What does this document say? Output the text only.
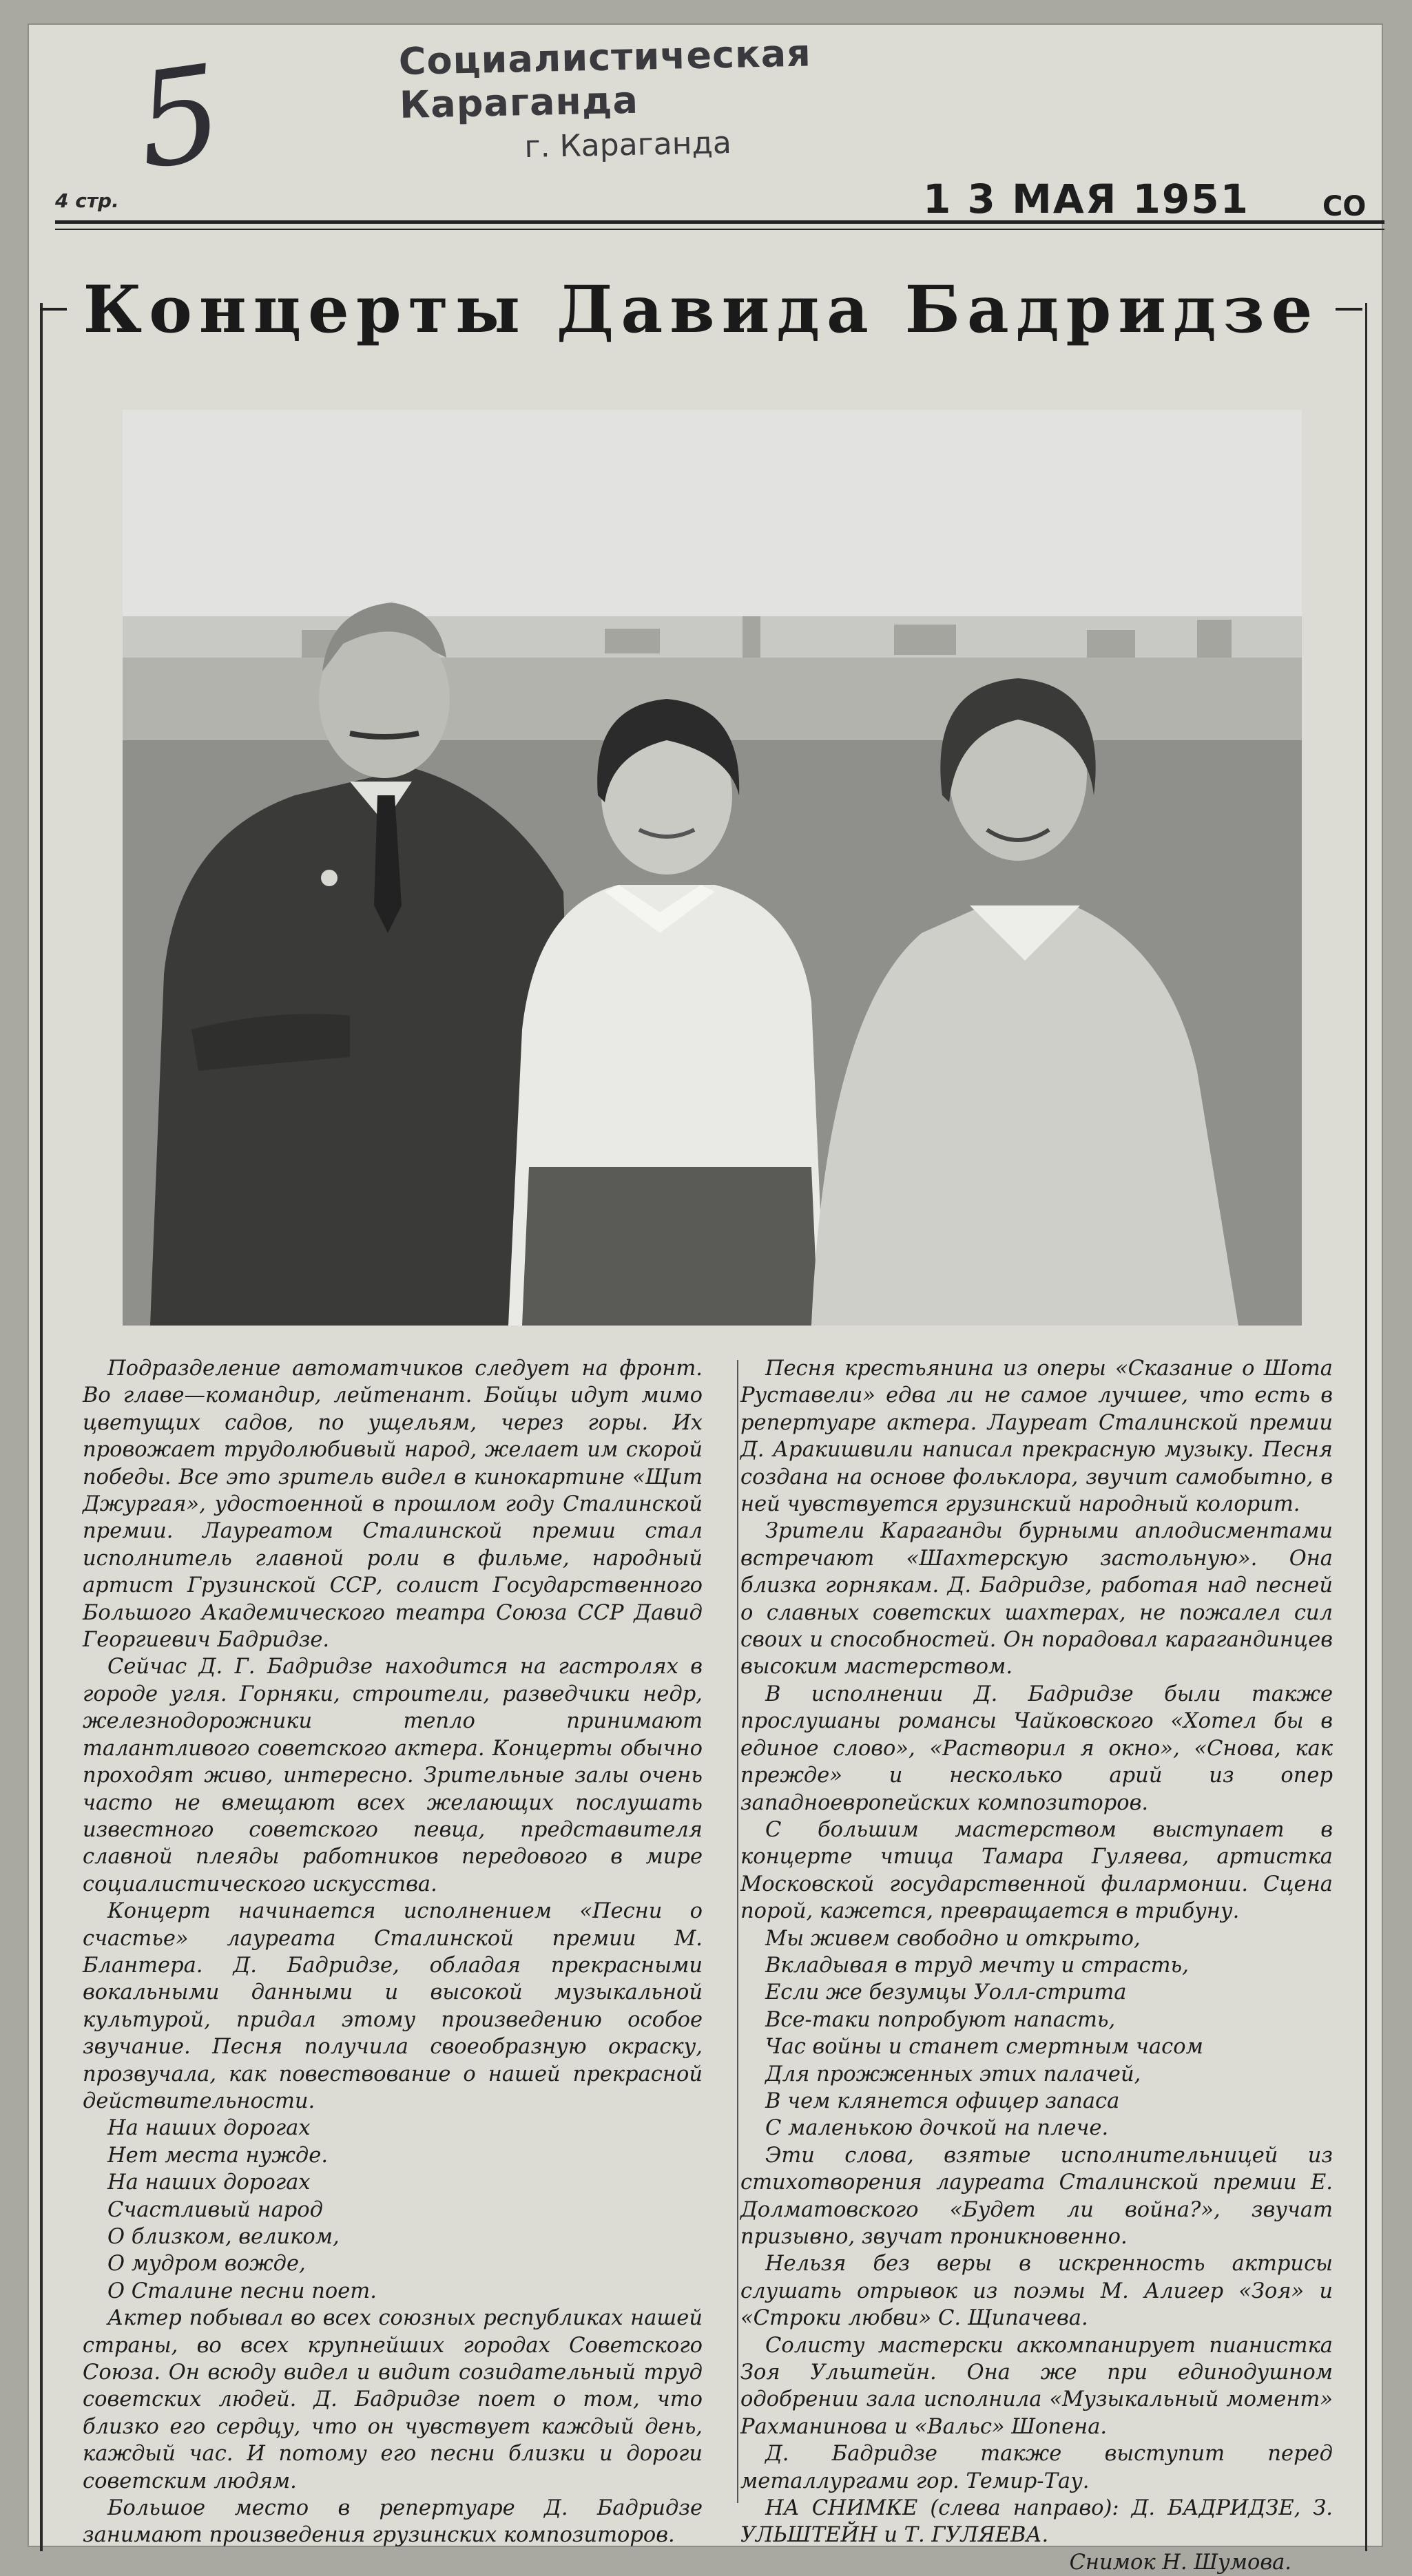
5	Социалистическая Караганда
г. Караганда
4 стр.	1 3 МАЯ 1951	СО
Концерты Давида Бадридзе

Подразделение автоматчиков следует на фронт. Во главе—командир, лейтенант. Бойцы идут мимо цветущих садов, по ущельям, через горы. Их провожает трудолюбивый народ, желает им скорой победы. Все это зритель видел в кинокартине «Щит Джургая», удостоенной в прошлом году Сталинской премии. Лауреатом Сталинской премии стал исполнитель главной роли в фильме, народный артист Грузинской ССР, солист Государственного Большого Академического театра Союза ССР Давид Георгиевич Бадридзе.

Сейчас Д. Г. Бадридзе находится на гастролях в городе угля. Горняки, строители, разведчики недр, железнодорожники тепло принимают талантливого советского актера. Концерты обычно проходят живо, интересно. Зрительные залы очень часто не вмещают всех желающих послушать известного советского певца, представителя славной плеяды работников передового в мире социалистического искусства.

Концерт начинается исполнением «Песни о счастье» лауреата Сталинской премии М. Блантера. Д. Бадридзе, обладая прекрасными вокальными данными и высокой музыкальной культурой, придал этому произведению особое звучание. Песня получила своеобразную окраску, прозвучала, как повествование о нашей прекрасной действительности.

На наших дорогах
Нет места нужде.
На наших дорогах
Счастливый народ
О близком, великом,
О мудром вожде,
О Сталине песни поет.

Актер побывал во всех союзных республиках нашей страны, во всех крупнейших городах Советского Союза. Он всюду видел и видит созидательный труд советских людей. Д. Бадридзе поет о том, что близко его сердцу, что он чувствует каждый день, каждый час. И потому его песни близки и дороги советским людям.

Большое место в репертуаре Д. Бадридзе занимают произведения грузинских композиторов.

Песня крестьянина из оперы «Сказание о Шота Руставели» едва ли не самое лучшее, что есть в репертуаре актера. Лауреат Сталинской премии Д. Аракишвили написал прекрасную музыку. Песня создана на основе фольклора, звучит самобытно, в ней чувствуется грузинский народный колорит.

Зрители Караганды бурными аплодисментами встречают «Шахтерскую застольную». Она близка горнякам. Д. Бадридзе, работая над песней о славных советских шахтерах, не пожалел сил своих и способностей. Он порадовал карагандинцев высоким мастерством.

В исполнении Д. Бадридзе были также прослушаны романсы Чайковского «Хотел бы в единое слово», «Растворил я окно», «Снова, как прежде» и несколько арий из опер западноевропейских композиторов.

С большим мастерством выступает в концерте чтица Тамара Гуляева, артистка Московской государственной филармонии. Сцена порой, кажется, превращается в трибуну.

Мы живем свободно и открыто,
Вкладывая в труд мечту и страсть,
Если же безумцы Уолл-стрита
Все-таки попробуют напасть,
Час войны и станет смертным часом
Для прожженных этих палачей,
В чем клянется офицер запаса
С маленькою дочкой на плече.

Эти слова, взятые исполнительницей из стихотворения лауреата Сталинской премии Е. Долматовского «Будет ли война?», звучат призывно, звучат проникновенно.

Нельзя без веры в искренность актрисы слушать отрывок из поэмы М. Алигер «Зоя» и «Строки любви» С. Щипачева.

Солисту мастерски аккомпанирует пианистка Зоя Ульштейн. Она же при единодушном одобрении зала исполнила «Музыкальный момент» Рахманинова и «Вальс» Шопена.

Д. Бадридзе также выступит перед металлургами гор. Темир-Тау.

НА СНИМКЕ (слева направо): Д. БАДРИДЗЕ, З. УЛЬШТЕЙН и Т. ГУЛЯЕВА.

Снимок Н. Шумова.
